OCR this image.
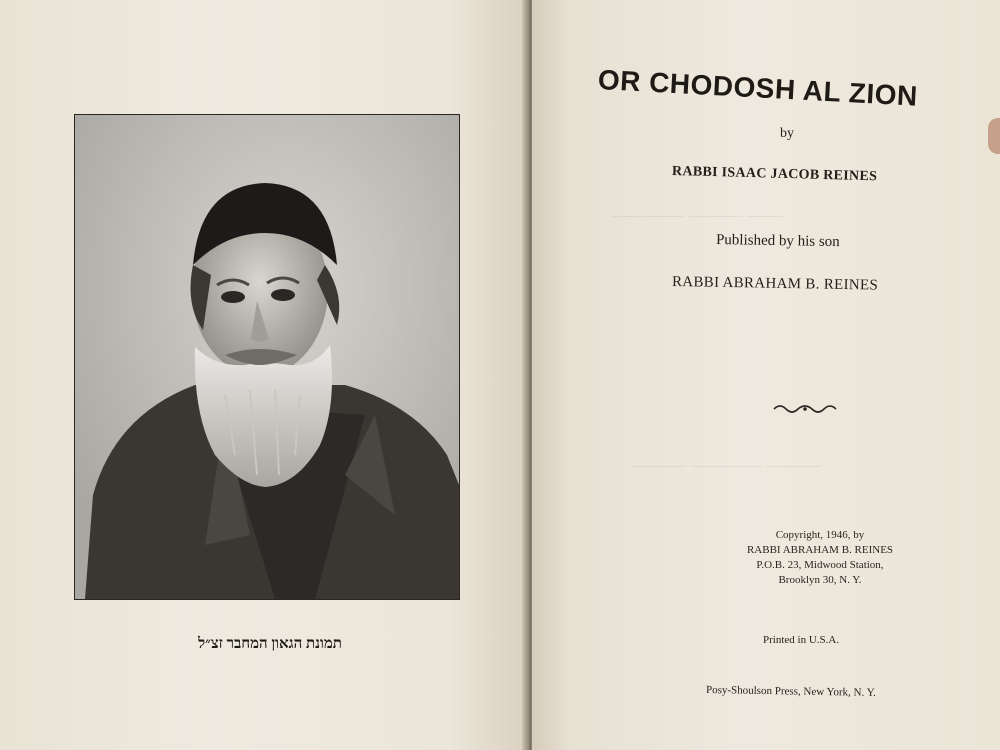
תמונת הגאון המחבר זצ״ל
———— ——— ——
——— ———— ———
OR CHODOSH AL ZION
by
RABBI ISAAC JACOB REINES
Published by his son
RABBI ABRAHAM B. REINES
Copyright, 1946, by
RABBI ABRAHAM B. REINES
P.O.B. 23, Midwood Station,
Brooklyn 30, N. Y.
Printed in U.S.A.
Posy-Shoulson Press, New York, N. Y.
